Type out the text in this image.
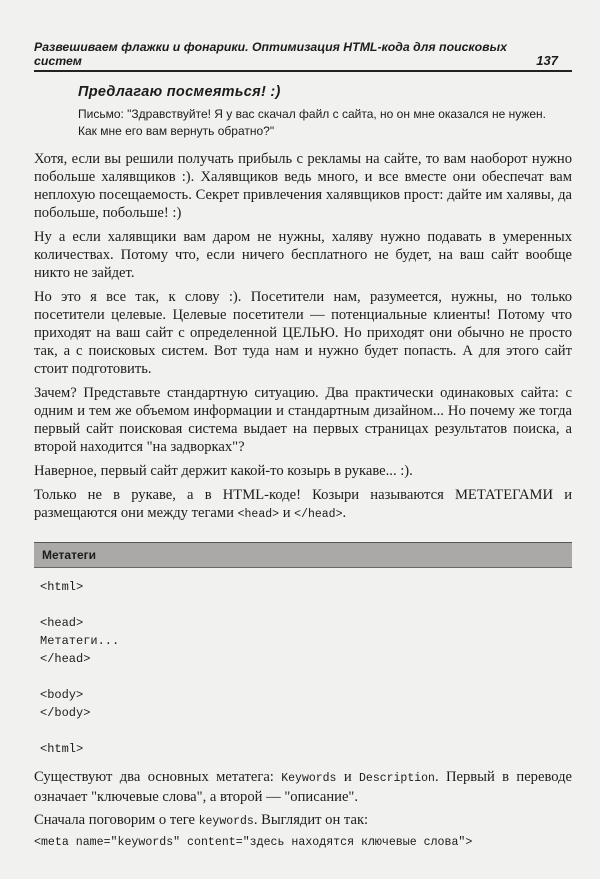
Развешиваем флажки и фонарики. Оптимизация HTML-кода для поисковых систем	137
Предлагаю посмеяться! :)
Письмо: "Здравствуйте! Я у вас скачал файл с сайта, но он мне оказался не нужен. Как мне его вам вернуть обратно?"

Хотя, если вы решили получать прибыль с рекламы на сайте, то вам наоборот нужно побольше халявщиков :). Халявщиков ведь много, и все вместе они обеспечат вам неплохую посещаемость. Секрет привлечения халявщиков прост: дайте им халявы, да побольше, побольше! :)

Ну а если халявщики вам даром не нужны, халяву нужно подавать в умеренных количествах. Потому что, если ничего бесплатного не будет, на ваш сайт вообще никто не зайдет.

Но это я все так, к слову :). Посетители нам, разумеется, нужны, но только посетители целевые. Целевые посетители — потенциальные клиенты! Потому что приходят на ваш сайт с определенной ЦЕЛЬЮ. Но приходят они обычно не просто так, а с поисковых систем. Вот туда нам и нужно будет попасть. А для этого сайт стоит подготовить.

Зачем? Представьте стандартную ситуацию. Два практически одинаковых сайта: с одним и тем же объемом информации и стандартным дизайном... Но почему же тогда первый сайт поисковая система выдает на первых страницах результатов поиска, а второй находится "на задворках"?

Наверное, первый сайт держит какой-то козырь в рукаве... :).

Только не в рукаве, а в HTML-коде! Козыри называются МЕТАТЕГАМИ и размещаются они между тегами <head> и </head>.

Метатеги
<html>
<head>
Метатеги...
</head>
<body>
</body>
<html>

Существуют два основных метатега: Keywords и Description. Первый в переводе означает "ключевые слова", а второй — "описание".

Сначала поговорим о теге keywords. Выглядит он так:

<meta name="keywords" content="здесь находятся ключевые слова">
